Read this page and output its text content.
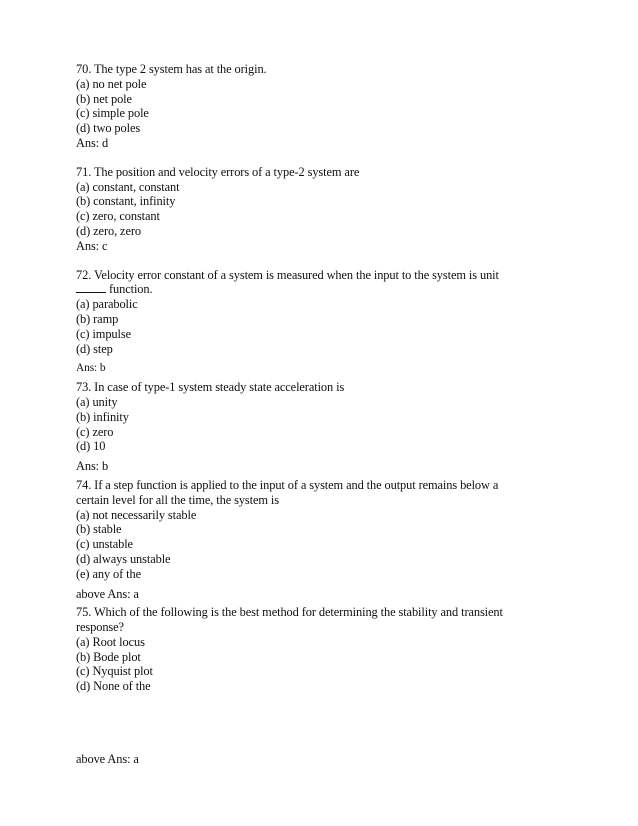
70. The type 2 system has at the origin.
(a) no net pole
(b) net pole
(c) simple pole
(d) two poles
Ans: d
71. The position and velocity errors of a type-2 system are
(a) constant, constant
(b) constant, infinity
(c) zero, constant
(d) zero, zero
Ans: c
72. Velocity error constant of a system is measured when the input to the system is unit
function.
(a) parabolic
(b) ramp
(c) impulse
(d) step
Ans: b
73. In case of type-1 system steady state acceleration is
(a) unity
(b) infinity
(c) zero
(d) 10
Ans: b
74. If a step function is applied to the input of a system and the output remains below a
certain level for all the time, the system is
(a) not necessarily stable
(b) stable
(c) unstable
(d) always unstable
(e) any of the
above Ans: a
75. Which of the following is the best method for determining the stability and transient
response?
(a) Root locus
(b) Bode plot
(c) Nyquist plot
(d) None of the
above Ans: a
